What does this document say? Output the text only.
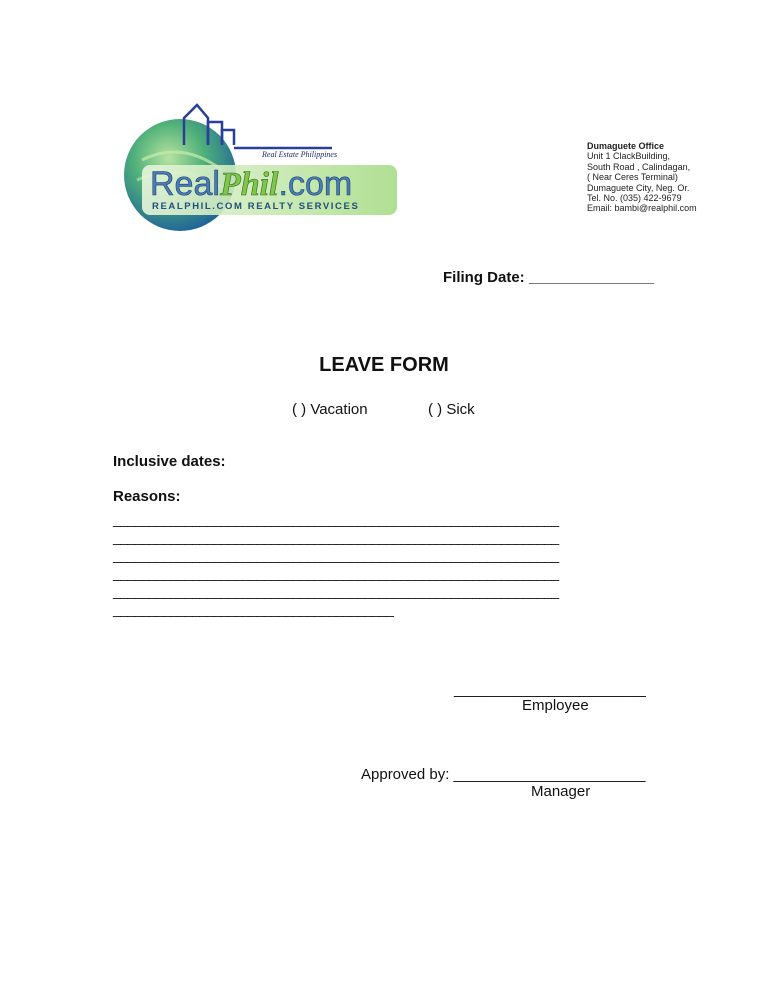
Real Estate Philippines
RealPhil.com
REALPHIL.COM REALTY SERVICES
Dumaguete Office
Unit 1 ClackBuilding,
South Road , Calindagan,
( Near Ceres Terminal)
Dumaguete City, Neg. Or.
Tel. No. (035) 422-9679
Email: bambi@realphil.com
Filing Date: _______________
LEAVE FORM
( ) Vacation	( ) Sick
Inclusive dates:
Reasons:
______________________________________________________________
______________________________________________________________
______________________________________________________________
______________________________________________________________
______________________________________________________________
_______________________________________
_______________________
Employee
Approved by: _______________________
Manager
